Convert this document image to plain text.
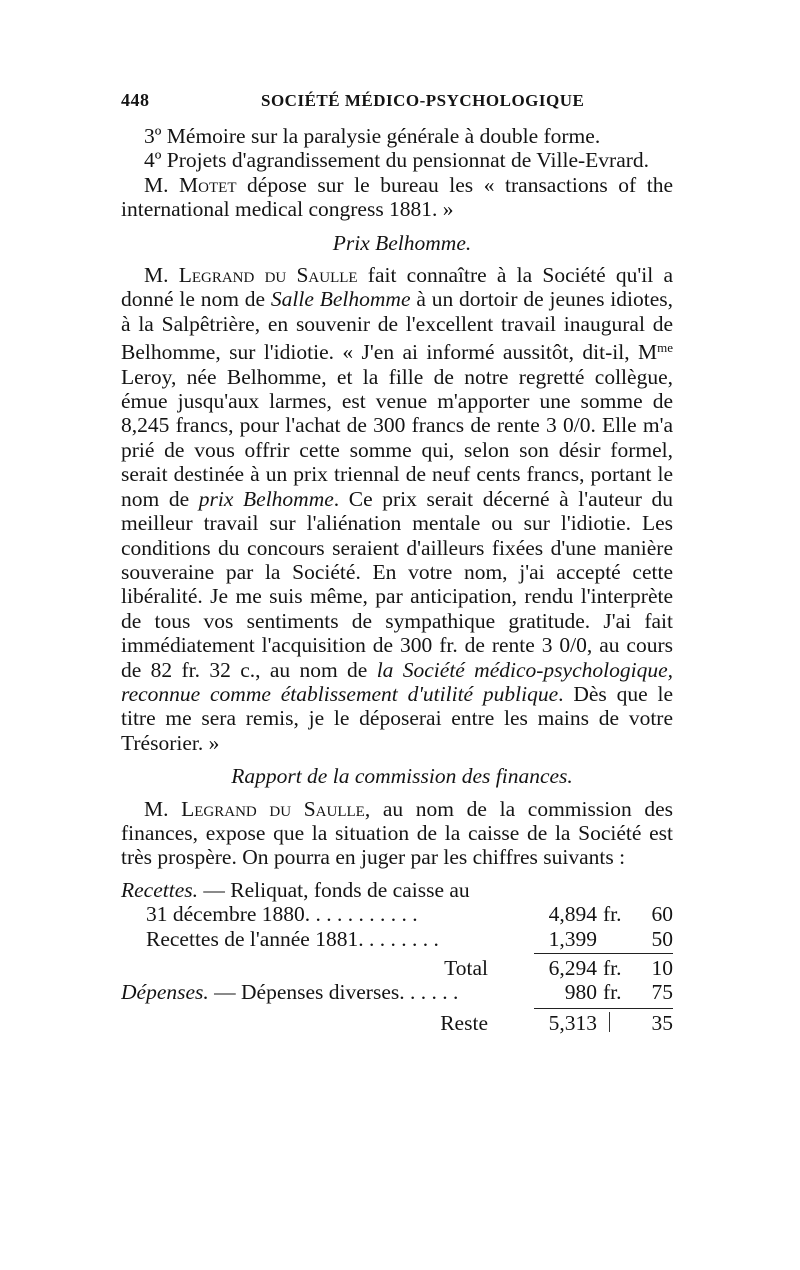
448	SOCIÉTÉ MÉDICO-PSYCHOLOGIQUE

3º Mémoire sur la paralysie générale à double forme.

4º Projets d'agrandissement du pensionnat de Ville-Evrard.

M. Motet dépose sur le bureau les « transactions of the international medical congress 1881. »

Prix Belhomme.

M. Legrand du Saulle fait connaître à la Société qu'il a donné le nom de Salle Belhomme à un dortoir de jeunes idiotes, à la Salpêtrière, en souvenir de l'excellent travail inaugural de Belhomme, sur l'idiotie. « J'en ai informé aussitôt, dit-il, $M^{me}$ Leroy, née Belhomme, et la fille de notre regretté collègue, émue jusqu'aux larmes, est venue m'apporter une somme de 8,245 francs, pour l'achat de 300 francs de rente 3 0/0. Elle m'a prié de vous offrir cette somme qui, selon son désir formel, serait destinée à un prix triennal de neuf cents francs, portant le nom de prix Belhomme. Ce prix serait décerné à l'auteur du meilleur travail sur l'aliénation mentale ou sur l'idiotie. Les conditions du concours seraient d'ailleurs fixées d'une manière souveraine par la Société. En votre nom, j'ai accepté cette libéralité. Je me suis même, par anticipation, rendu l'interprète de tous vos sentiments de sympathique gratitude. J'ai fait immédiatement l'acquisition de 300 fr. de rente 3 0/0, au cours de 82 fr. 32 c., au nom de la Société médico-psychologique, reconnue comme établissement d'utilité publique. Dès que le titre me sera remis, je le déposerai entre les mains de votre Trésorier. »

Rapport de la commission des finances.

M. Legrand du Saulle, au nom de la commission des finances, expose que la situation de la caisse de la Société est très prospère. On pourra en juger par les chiffres suivants :

Recettes. — Reliquat, fonds de caisse au

31 décembre 1880. . . . . . . . . . .	4,894 fr.	60
Recettes de l'année 1881. . . . . . . .	1,399	50
Total	6,294 fr.	10
Dépenses. — Dépenses diverses. . . . . .	980 fr.	75
Reste	5,313	35
